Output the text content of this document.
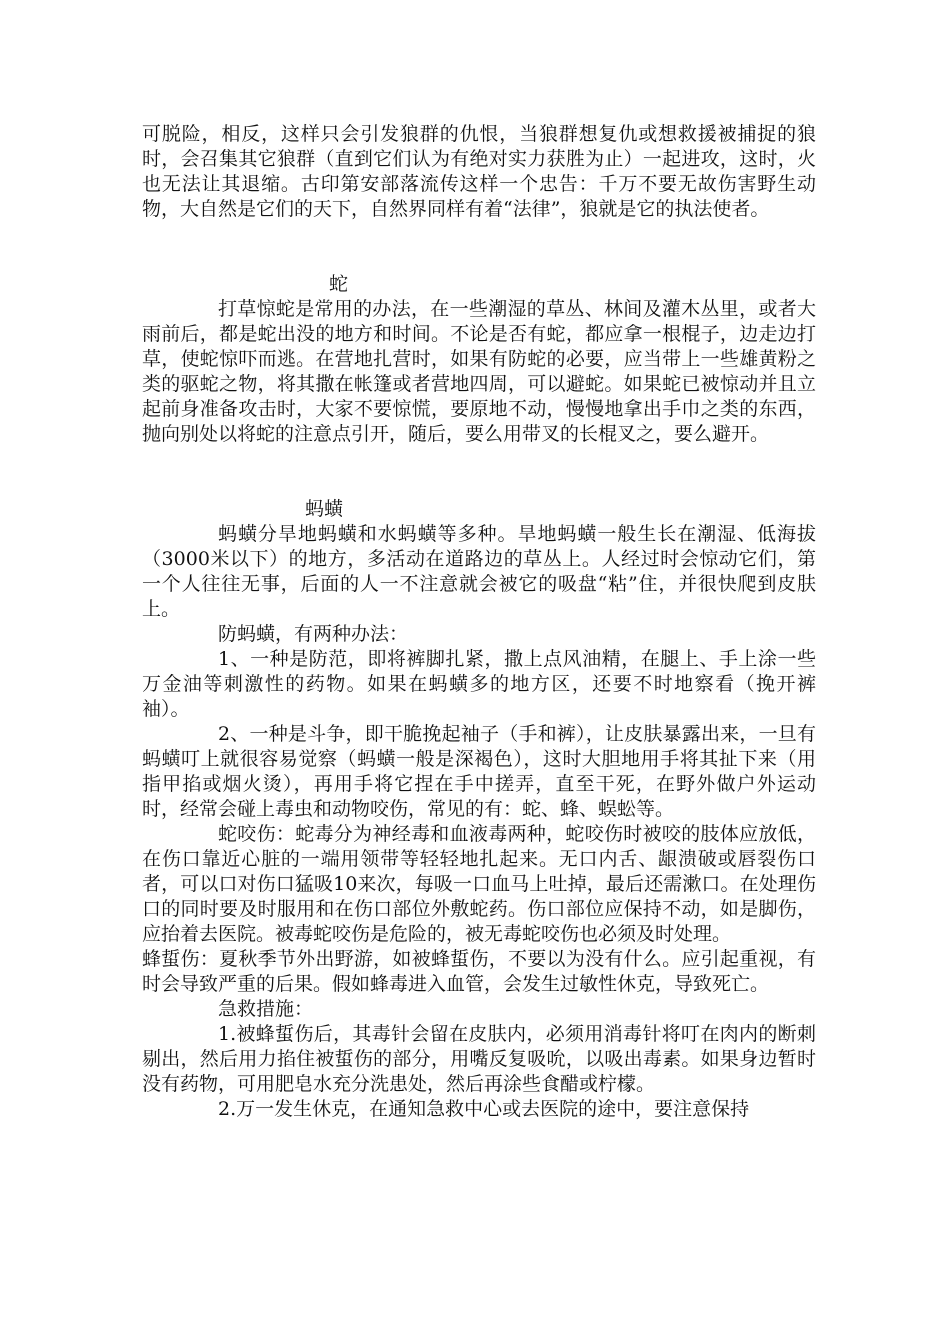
可脱险，相反，这样只会引发狼群的仇恨，当狼群想复仇或想救援被捕捉的狼时，会召集其它狼群（直到它们认为有绝对实力获胜为止）一起进攻，这时，火也无法让其退缩。古印第安部落流传这样一个忠告：千万不要无故伤害野生动物，大自然是它们的天下，自然界同样有着“法律”，狼就是它的执法使者。

蛇

打草惊蛇是常用的办法，在一些潮湿的草丛、林间及灌木丛里，或者大雨前后，都是蛇出没的地方和时间。不论是否有蛇，都应拿一根棍子，边走边打草，使蛇惊吓而逃。在营地扎营时，如果有防蛇的必要，应当带上一些雄黄粉之类的驱蛇之物，将其撒在帐篷或者营地四周，可以避蛇。如果蛇已被惊动并且立起前身准备攻击时，大家不要惊慌，要原地不动，慢慢地拿出手巾之类的东西，抛向别处以将蛇的注意点引开，随后，要么用带叉的长棍叉之，要么避开。

蚂蟥

蚂蟥分旱地蚂蟥和水蚂蟥等多种。旱地蚂蟥一般生长在潮湿、低海拔（3000米以下）的地方，多活动在道路边的草丛上。人经过时会惊动它们，第一个人往往无事，后面的人一不注意就会被它的吸盘“粘”住，并很快爬到皮肤上。

防蚂蟥，有两种办法：

1、一种是防范，即将裤脚扎紧，撒上点风油精，在腿上、手上涂一些万金油等刺激性的药物。如果在蚂蟥多的地方区，还要不时地察看（挽开裤袖）。

2、一种是斗争，即干脆挽起袖子（手和裤），让皮肤暴露出来，一旦有蚂蟥叮上就很容易觉察（蚂蟥一般是深褐色），这时大胆地用手将其扯下来（用指甲掐或烟火烫），再用手将它捏在手中搓弄，直至干死，在野外做户外运动时，经常会碰上毒虫和动物咬伤，常见的有：蛇、蜂、蜈蚣等。

蛇咬伤：蛇毒分为神经毒和血液毒两种，蛇咬伤时被咬的肢体应放低，在伤口靠近心脏的一端用领带等轻轻地扎起来。无口内舌、龈溃破或唇裂伤口者，可以口对伤口猛吸10来次，每吸一口血马上吐掉，最后还需漱口。在处理伤口的同时要及时服用和在伤口部位外敷蛇药。伤口部位应保持不动，如是脚伤，应抬着去医院。被毒蛇咬伤是危险的，被无毒蛇咬伤也必须及时处理。

蜂蜇伤：夏秋季节外出野游，如被蜂蜇伤，不要以为没有什么。应引起重视，有时会导致严重的后果。假如蜂毒进入血管，会发生过敏性休克，导致死亡。

急救措施：

1.被蜂蜇伤后，其毒针会留在皮肤内，必须用消毒针将叮在肉内的断刺剔出，然后用力掐住被蜇伤的部分，用嘴反复吸吮，以吸出毒素。如果身边暂时没有药物，可用肥皂水充分洗患处，然后再涂些食醋或柠檬。

2.万一发生休克，在通知急救中心或去医院的途中，要注意保持
